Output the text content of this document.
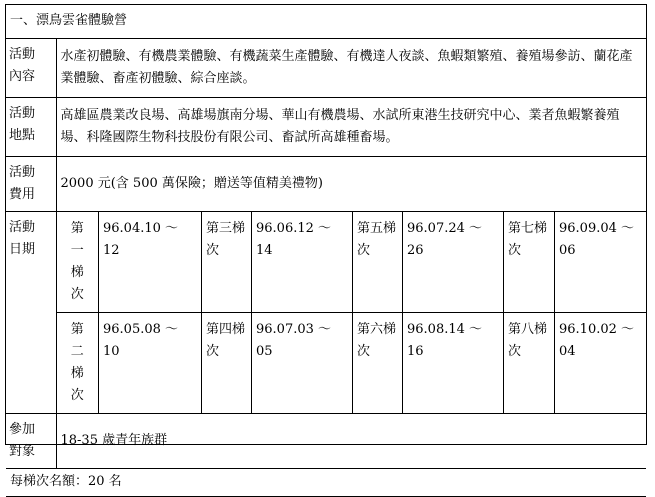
一、漂鳥雲雀體驗營

活動
內容
	水產初體驗、有機農業體驗、有機蔬菜生產體驗、有機達人夜談、魚蝦類繁殖、養殖場參訪、蘭花產業體驗、畜產初體驗、綜合座談。

活動
地點
	高雄區農業改良場、高雄場旗南分場、華山有機農場、水試所東港生技研究中心、業者魚蝦繁養殖場、科隆國際生物科技股份有限公司、畜試所高雄種畜場。

活動
費用
	2000 元(含 500 萬保險；贈送等值精美禮物)

活動
日期

第一梯次	96.04.10 ～ 12	第三梯次	96.06.12 ～ 14	第五梯次	96.07.24 ～ 26	第七梯次	96.09.04 ～ 06
第二梯次	96.05.08 ～ 10	第四梯次	96.07.03 ～ 05	第六梯次	96.08.14 ～ 16	第八梯次	96.10.02 ～ 04

參加
對象
	18-35 歲青年族群
每梯次名額：20 名
